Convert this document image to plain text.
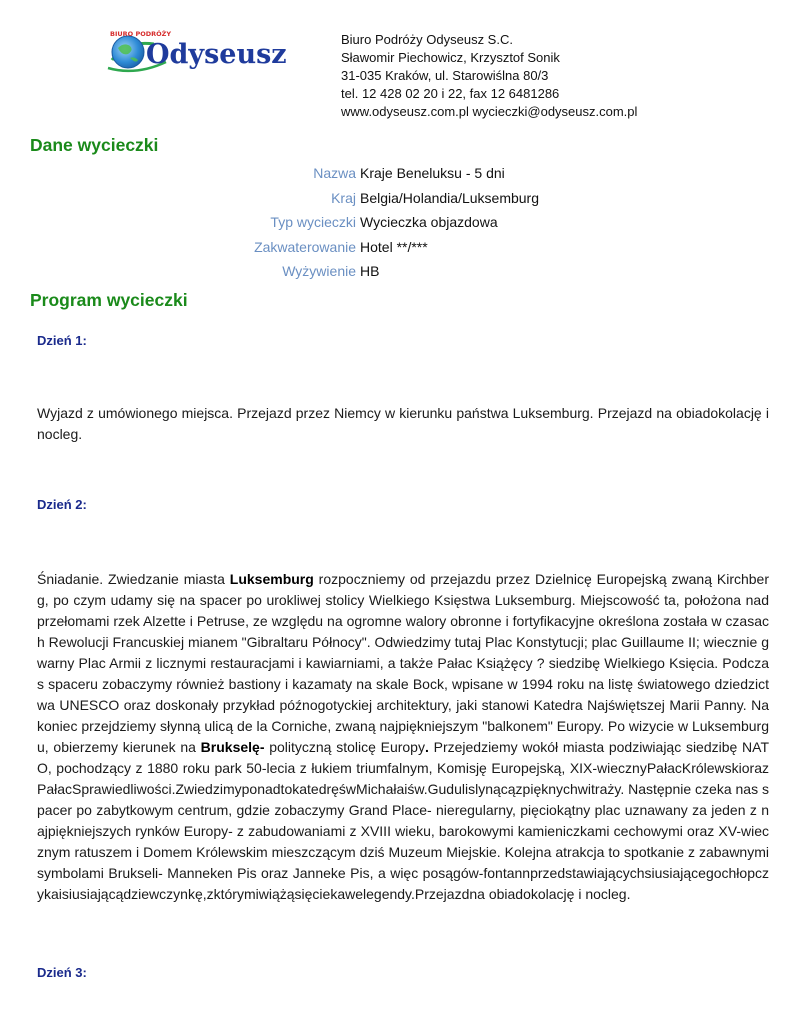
BIURO PODRÓŻY
Odyseusz	Biuro Podróży Odyseusz S.C.
Sławomir Piechowicz, Krzysztof Sonik
31-035 Kraków, ul. Starowiślna 80/3
tel. 12 428 02 20 i 22, fax 12 6481286
www.odyseusz.com.pl wycieczki@odyseusz.com.pl
Dane wycieczki
Nazwa Kraje Beneluksu - 5 dni
Kraj Belgia/Holandia/Luksemburg
Typ wycieczki Wycieczka objazdowa
Zakwaterowanie Hotel **/***
Wyżywienie HB
Program wycieczki
Dzień 1:
Wyjazd z umówionego miejsca. Przejazd przez Niemcy w kierunku państwa Luksemburg. Przejazd na obiadokolację i nocleg.
Dzień 2:
Śniadanie. Zwiedzanie miasta Luksemburg rozpoczniemy od przejazdu przez Dzielnicę Europejską zwaną Kirchberg, po czym udamy się na spacer po urokliwej stolicy Wielkiego Księstwa Luksemburg. Miejscowość ta, położona nad przełomami rzek Alzette i Petruse, ze względu na ogromne walory obronne i fortyfikacyjne określona została w czasach Rewolucji Francuskiej mianem "Gibraltaru Północy". Odwiedzimy tutaj Plac Konstytucji; plac Guillaume II; wiecznie gwarny Plac Armii z licznymi restauracjami i kawiarniami, a także Pałac Książęcy ? siedzibę Wielkiego Księcia. Podczas spaceru zobaczymy również bastiony i kazamaty na skale Bock, wpisane w 1994 roku na listę światowego dziedzictwa UNESCO oraz doskonały przykład późnogotyckiej architektury, jaki stanowi Katedra Najświętszej Marii Panny. Na koniec przejdziemy słynną ulicą de la Corniche, zwaną najpiękniejszym "balkonem" Europy. Po wizycie w Luksemburgu, obierzemy kierunek na Brukselę- polityczną stolicę Europy. Przejedziemy wokół miasta podziwiając siedzibę NATO, pochodzący z 1880 roku park 50-lecia z łukiem triumfalnym, Komisję Europejską, XIX-wiecznyPałacKrólewskiorazPałacSprawiedliwości.ZwiedzimyponadtokatedręśwMichałaiśw.Gudulislynącązpięknychwitraży. Następnie czeka nas spacer po zabytkowym centrum, gdzie zobaczymy Grand Place- nieregularny, pięciokątny plac uznawany za jeden z najpiękniejszych rynków Europy- z zabudowaniami z XVIII wieku, barokowymi kamieniczkami cechowymi oraz XV-wiecznym ratuszem i Domem Królewskim mieszczącym dziś Muzeum Miejskie. Kolejna atrakcja to spotkanie z zabawnymi symbolami Brukseli- Manneken Pis oraz Janneke Pis, a więc posągów-fontannprzedstawiającychsiusiającegochłopczykaisiusiającądziewczynkę,zktórymiwiążąsięciekawelegendy.Przejazdna obiadokolację i nocleg.
Dzień 3:
